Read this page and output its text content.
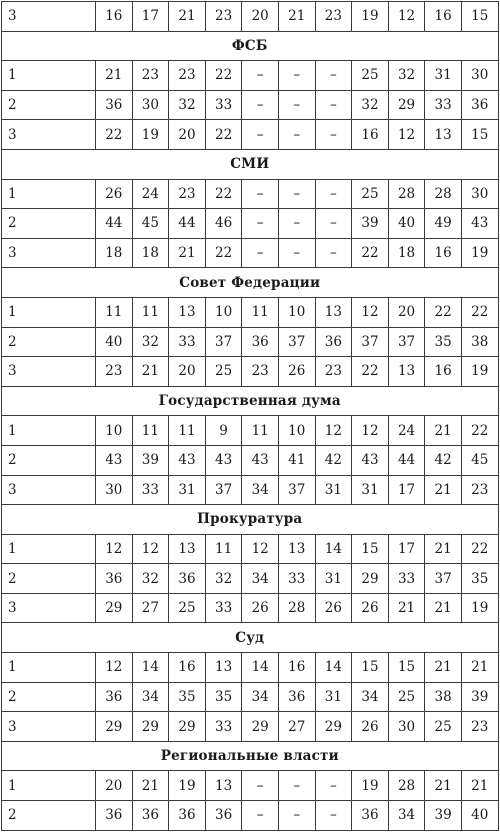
3	16	17	21	23	20	21	23	19	12	16	15
ФСБ											
1	21	23	23	22	–	–	–	25	32	31	30
2	36	30	32	33	–	–	–	32	29	33	36
3	22	19	20	22	–	–	–	16	12	13	15
СМИ											
1	26	24	23	22	–	–	–	25	28	28	30
2	44	45	44	46	–	–	–	39	40	49	43
3	18	18	21	22	–	–	–	22	18	16	19
Совет Федерации											
1	11	11	13	10	11	10	13	12	20	22	22
2	40	32	33	37	36	37	36	37	37	35	38
3	23	21	20	25	23	26	23	22	13	16	19
Государственная дума											
1	10	11	11	9	11	10	12	12	24	21	22
2	43	39	43	43	43	41	42	43	44	42	45
3	30	33	31	37	34	37	31	31	17	21	23
Прокуратура											
1	12	12	13	11	12	13	14	15	17	21	22
2	36	32	36	32	34	33	31	29	33	37	35
3	29	27	25	33	26	28	26	26	21	21	19
Суд											
1	12	14	16	13	14	16	14	15	15	21	21
2	36	34	35	35	34	36	31	34	25	38	39
3	29	29	29	33	29	27	29	26	30	25	23
Региональные власти											
1	20	21	19	13	–	–	–	19	28	21	21
2	36	36	36	36	–	–	–	36	34	39	40
